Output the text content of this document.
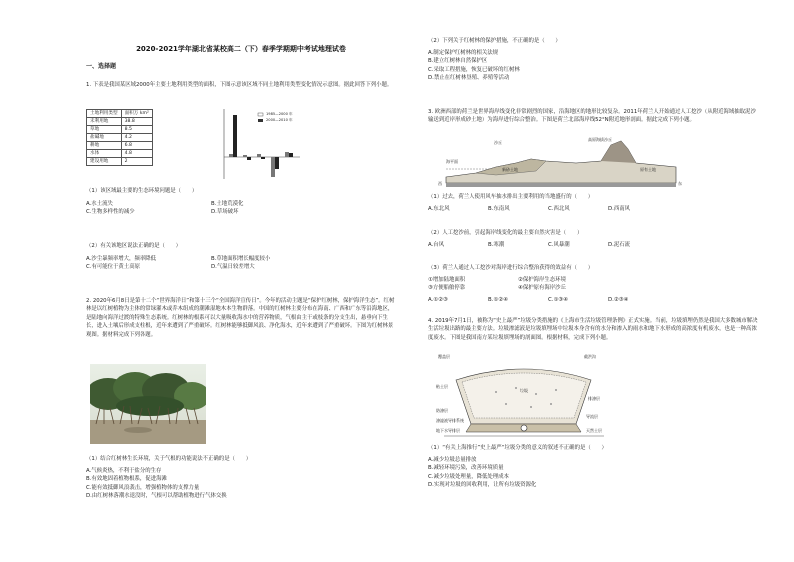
2020-2021学年湖北省某校高二（下）春季学期期中考试地理试卷
一、选择题
1. 下表是我国某区域2000年主要土地利用类型的面积，下图示意该区域不同土地利用类型变化情况示意图。据此回答下列小题。
土地利用类型	面积万 km²
未利用地	38.8
草地	8.5
盐碱地	4.2
耕地	6.8
水体	4.8
建设用地	2
1985—2000 年
2000—2010 年
（1）该区域最主要的生态环境问题是（　　）
A.水土流失	B.土地荒漠化
C.生物多样性的减少	D.草场破坏
（2）有关该地区说法正确的是（　　）
A.沙尘暴频率增大，频率降低	B.草地面积增长幅度较小
C.有可能位于黄土高原	D.气温日较差增大
2. 2020年6月8日是第十二个“世界海洋日”和第十三个“全国海洋宣传日”。今年的活动主题是“保护红树林，保护海洋生态”。红树林是以红树植物为主体的常绿灌木或乔木组成的潮滩湿地木本生物群落。中国的红树林主要分布在海南、广西和广东等沿海地区，是陆地向海洋过渡的特殊生态系统。红树林的根系可以大量吸收海水中的营养物质，气根由主干或枝条的分支生出，悬垂向下生长，进入土壤后形成支柱根，近年来遭到了严重破坏。红树林能够抵御风浪、净化海水，近年来遭到了严重破坏。下图为红树林景观图。据材料完成下列各题。
（1）结合红树林生长环境，关于气根的功能说法不正确的是（　　）
A.气候炎热，不利于盐分的生存
B.有效地固着植物根系，促进海滩
C.能有效抵御风浪袭击，增强植物体的支撑力量
D.由红树林落潮水退没时，气根可以帮助植物进行气体交换
（2）下列关于红树林的保护措施，不正确的是（　　）
A.制定保护红树林的相关法规
B.建立红树林自然保护区
C.采取工程措施，恢复已破坏的红树林
D.禁止在红树林垦殖、养殖等活动
3. 欧洲西部的荷兰是世界海岸线变化非常剧烈的国家，沿海地区的地形比较复杂。2011年荷兰人开始通过人工挖沙（从附近海域抽取泥沙输送到近岸形成砂土地）为海岸进行综合整治。下图是荷兰北部海岸线52°N附近地形剖面。据此完成下列小题。
沙丘
高原海拔沙丘
海平面
新砂土地	原有土地
西	东
（1）过去，荷兰人使用风车抽水排出主要利用的当地盛行的（　　）
A.东北风	B.东南风	C.西北风	D.西南风
（2）人工挖沙前，引起海岸线变化的最主要自然灾害是（　　）
A.台风	B.寒潮	C.风暴潮	D.泥石流
（3）荷兰人通过人工挖沙对海岸进行综合整治获得的效益有（　　）
①增加陆地面积	②保护海岸生态环境
③方便船舶停靠	④保护原有海岸沙丘
A.①②③	B.①②④	C.①③④	D.②③④
4. 2019年7月1日，被称为“史上最严”垃圾分类措施的《上海市生活垃圾管理条例》正式实施。当前，垃圾填埋仍然是我国大多数城市解决生活垃圾出路的最主要方法。垃圾渗滤液是垃圾填埋场中垃圾本身含有的水分和渗入的雨水和地下水形成的高浓度有机废水，也是一种高浓度废水。下图是我国南方某垃圾填埋场的剖面图。根据材料，完成下列小题。
覆盖层	截洪沟
垃圾
粘土层
排渗层
防渗层
渗滤液导排系统
地下水导排层
导流层
天然土层
（1）“有关上海推行”史上最严“垃圾分类的意义的叙述不正确的是（　　）
A.减少垃圾总量排放
B.减轻环境污染，改善环境质量
C.减少垃圾处理量，降低处理成本
D.实现对垃圾的回收利用，让所有垃圾资源化
